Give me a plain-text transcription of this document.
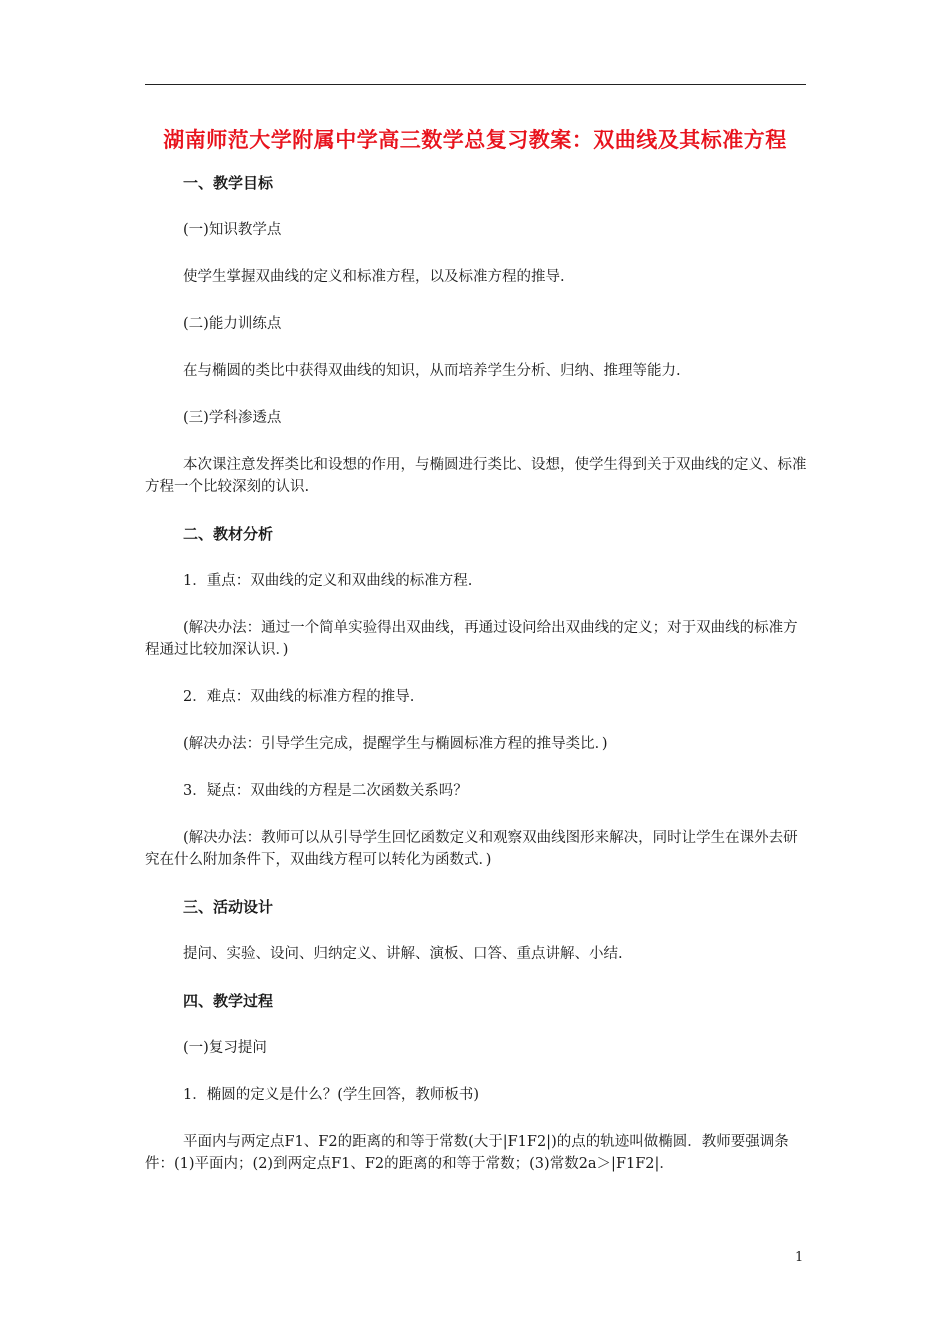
湖南师范大学附属中学高三数学总复习教案：双曲线及其标准方程
一、教学目标
(一)知识教学点
使学生掌握双曲线的定义和标准方程，以及标准方程的推导.
(二)能力训练点
在与椭圆的类比中获得双曲线的知识，从而培养学生分析、归纳、推理等能力.
(三)学科渗透点
本次课注意发挥类比和设想的作用，与椭圆进行类比、设想，使学生得到关于双曲线的定义、标准方程一个比较深刻的认识.
二、教材分析
1．重点：双曲线的定义和双曲线的标准方程.
(解决办法：通过一个简单实验得出双曲线，再通过设问给出双曲线的定义；对于双曲线的标准方程通过比较加深认识．)
2．难点：双曲线的标准方程的推导.
(解决办法：引导学生完成，提醒学生与椭圆标准方程的推导类比．)
3．疑点：双曲线的方程是二次函数关系吗？
(解决办法：教师可以从引导学生回忆函数定义和观察双曲线图形来解决，同时让学生在课外去研究在什么附加条件下，双曲线方程可以转化为函数式．)
三、活动设计
提问、实验、设问、归纳定义、讲解、演板、口答、重点讲解、小结.
四、教学过程
(一)复习提问
1．椭圆的定义是什么？(学生回答，教师板书)
平面内与两定点F1、F2的距离的和等于常数(大于|F1F2|)的点的轨迹叫做椭圆．教师要强调条件：(1)平面内；(2)到两定点F1、F2的距离的和等于常数；(3)常数2a＞|F1F2|．
1
